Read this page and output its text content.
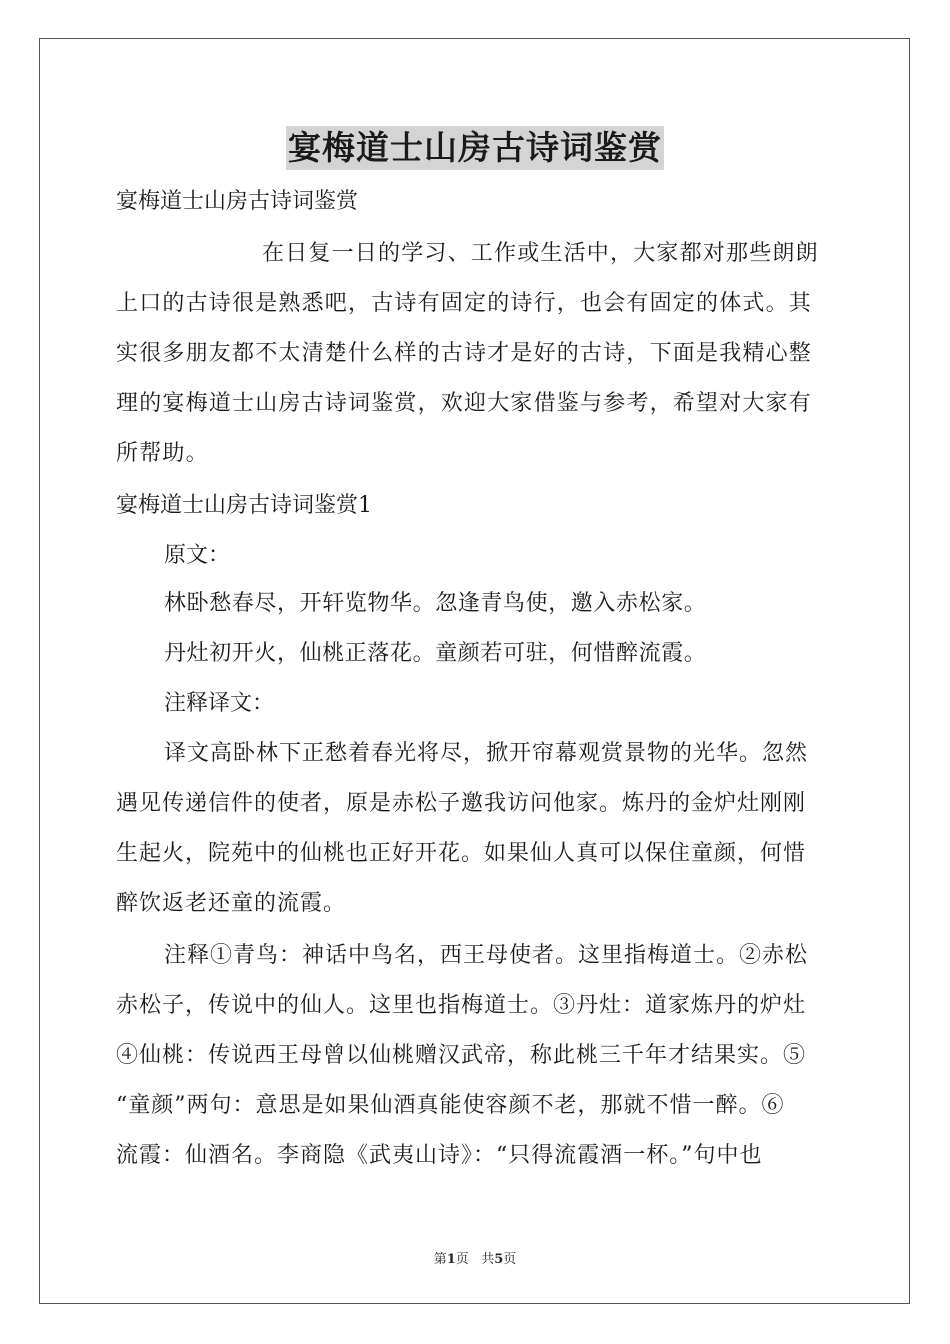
宴梅道士山房古诗词鉴赏
宴梅道士山房古诗词鉴赏
在日复一日的学习、工作或生活中，大家都对那些朗朗
上口的古诗很是熟悉吧，古诗有固定的诗行，也会有固定的体式。其
实很多朋友都不太清楚什么样的古诗才是好的古诗，下面是我精心整
理的宴梅道士山房古诗词鉴赏，欢迎大家借鉴与参考，希望对大家有
所帮助。
宴梅道士山房古诗词鉴赏1
原文：
林卧愁春尽，开轩览物华。忽逢青鸟使，邀入赤松家。
丹灶初开火，仙桃正落花。童颜若可驻，何惜醉流霞。
注释译文：
译文高卧林下正愁着春光将尽，掀开帘幕观赏景物的光华。忽然
遇见传递信件的使者，原是赤松子邀我访问他家。炼丹的金炉灶刚刚
生起火，院苑中的仙桃也正好开花。如果仙人真可以保住童颜，何惜
醉饮返老还童的流霞。
注释①青鸟：神话中鸟名，西王母使者。这里指梅道士。②赤松
赤松子，传说中的仙人。这里也指梅道士。③丹灶：道家炼丹的炉灶
④仙桃：传说西王母曾以仙桃赠汉武帝，称此桃三千年才结果实。⑤
“童颜”两句：意思是如果仙酒真能使容颜不老，那就不惜一醉。⑥
流霞：仙酒名。李商隐《武夷山诗》：“只得流霞酒一杯。”句中也
第1页 共5页
